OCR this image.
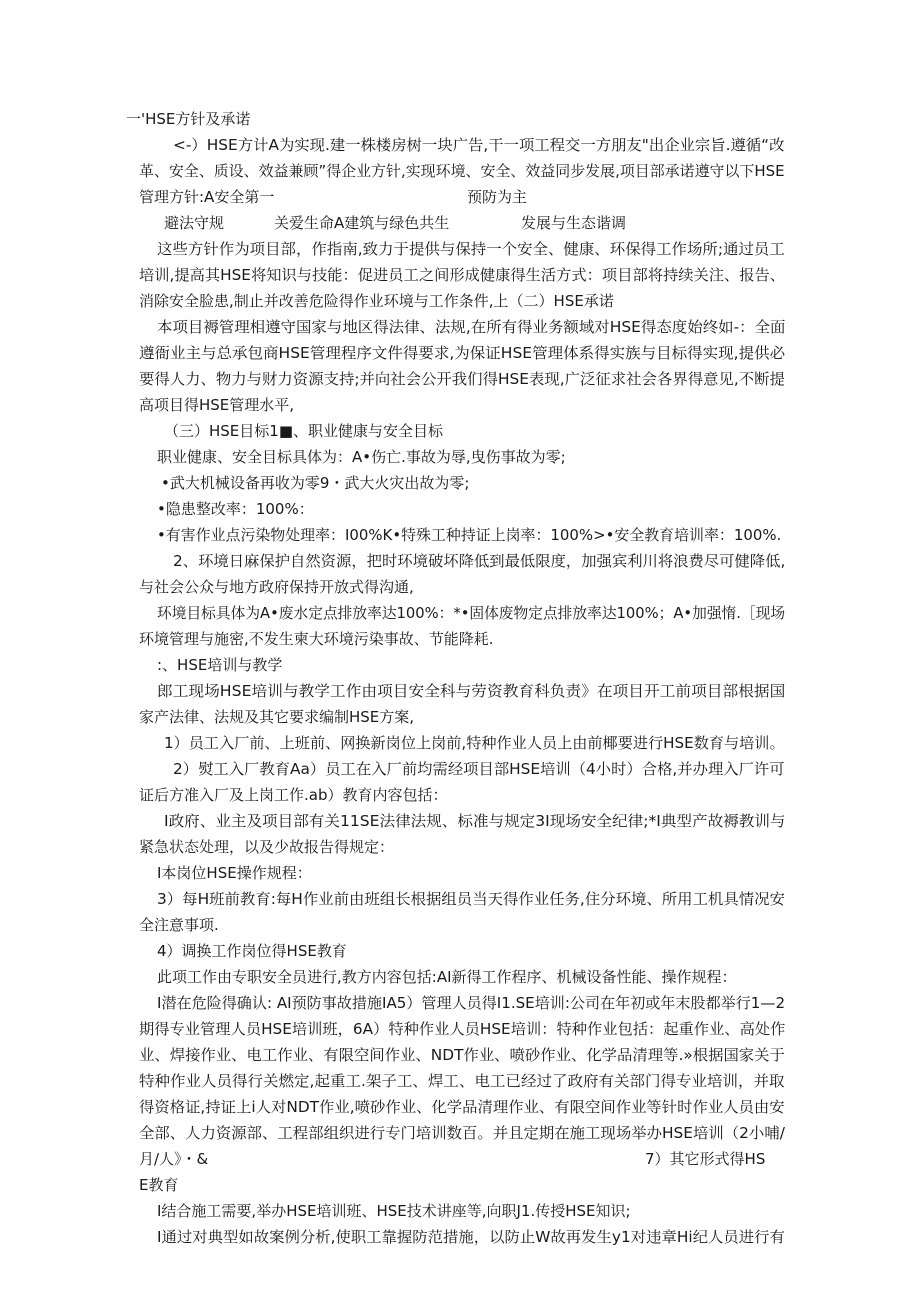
一'HSE方针及承诺
<-）HSE方计A为实现.建一株楼房树一块广告,干一项工程交一方朋友"出企业宗旨.遵循“改
革、安全、质设、效益兼顾”得企业方针,实现环境、安全、效益同步发展,项目部承诺遵守以下HSE
管理方针:A安全第一	预防为主
避法守规	关爱生命A建筑与绿色共生	发展与生态谐调
这些方针作为项目部，作指南,致力于提供与保持一个安全、健康、环保得工作场所;通过员工
培训,提高其HSE将知识与技能：促进员工之间形成健康得生活方式：项目部将持续关注、报告、
消除安全脸患,制止并改善危险得作业环境与工作条件,上（二）HSE承诺
本项目褥管理相遵守国家与地区得法律、法规,在所有得业务额域对HSE得态度始终如-：全面
遵衙业主与总承包商HSE管理程序文件得要求,为保证HSE管理体系得实族与目标得实现,提供必
要得人力、物力与财力资源支持;并向社会公开我们得HSE表现,广泛征求社会各界得意见,不断提
高项目得HSE管理水平,
（三）HSE目标1■、职业健康与安全目标
职业健康、安全目标具体为：A•伤亡.事故为辱,曳伤事故为零;
•武大机械设备再收为零9・武大火灾出故为零;
•隐患整改率：100%：
•有害作业点污染物处理率：I00%K•特殊工种持证上岗率：100%>•安全教育培训率：100%.
2、环境日麻保护自然资源，把时环境破坏降低到最低限度，加强宾利川将浪费尽可健降低,
与社会公众与地方政府保持开放式得沟通,
环境目标具体为A•废水定点排放率达100%：*•固体废物定点排放率达100%；A•加强惰.［现场
环境管理与施密,不发生柬大环境污染事故、节能降耗.
:、HSE培训与教学
郎工现场HSE培训与教学工作由项目安全科与劳资教育科负责》在项目开工前项目部根据国
家产法律、法规及其它要求编制HSE方案,
1）员工入厂前、上班前、网换新岗位上岗前,特种作业人员上由前椰要进行HSE数育与培训。
2）熨工入厂教育Aa）员工在入厂前均需经项目部HSE培训（4小时）合格,并办理入厂许可
证后方准入厂及上岗工作.ab）教育内容包括：
I政府、业主及项目部有关11SE法律法规、标准与规定3I现场安全纪律;*I典型产故褥教训与
紧急状态处理，以及少故报告得规定：
I本岗位HSE操作规程：
3）每H班前教育:每H作业前由班组长根据组员当天得作业任务,住分环境、所用工机具情况安
全注意事项.
4）调换工作岗位得HSE教育
此项工作由专职安全员进行,教方内容包括:AI新得工作程序、机械设备性能、操作规程：
I潜在危险得确认: AI预防事故措施IA5）管理人员得I1.SE培训:公司在年初或年末股都举行1—2
期得专业管理人员HSE培训班，6A）特种作业人员HSE培训：特种作业包括：起重作业、高处作
业、焊接作业、电工作业、有限空间作业、NDT作业、喷砂作业、化学品清理等.»根据国家关于
特种作业人员得行关燃定,起重工.架子工、焊工、电工已经过了政府有关部门得专业培训，并取
得资格证,持证上i人对NDT作业,喷砂作业、化学品清理作业、有限空间作业等针时作业人员由安
全部、人力资源部、工程部组织进行专门培训数百。并且定期在施工现场举办HSE培训（2小哺/
月/人》・&	7）其它形式得HS
E教育
I结合施工需要,举办HSE培训班、HSE技术讲座等,向职J1.传授HSE知识;
I通过对典型如故案例分析,使职工靠握防范措施，以防止W故再发生y1对违章Hi纪人员进行有
